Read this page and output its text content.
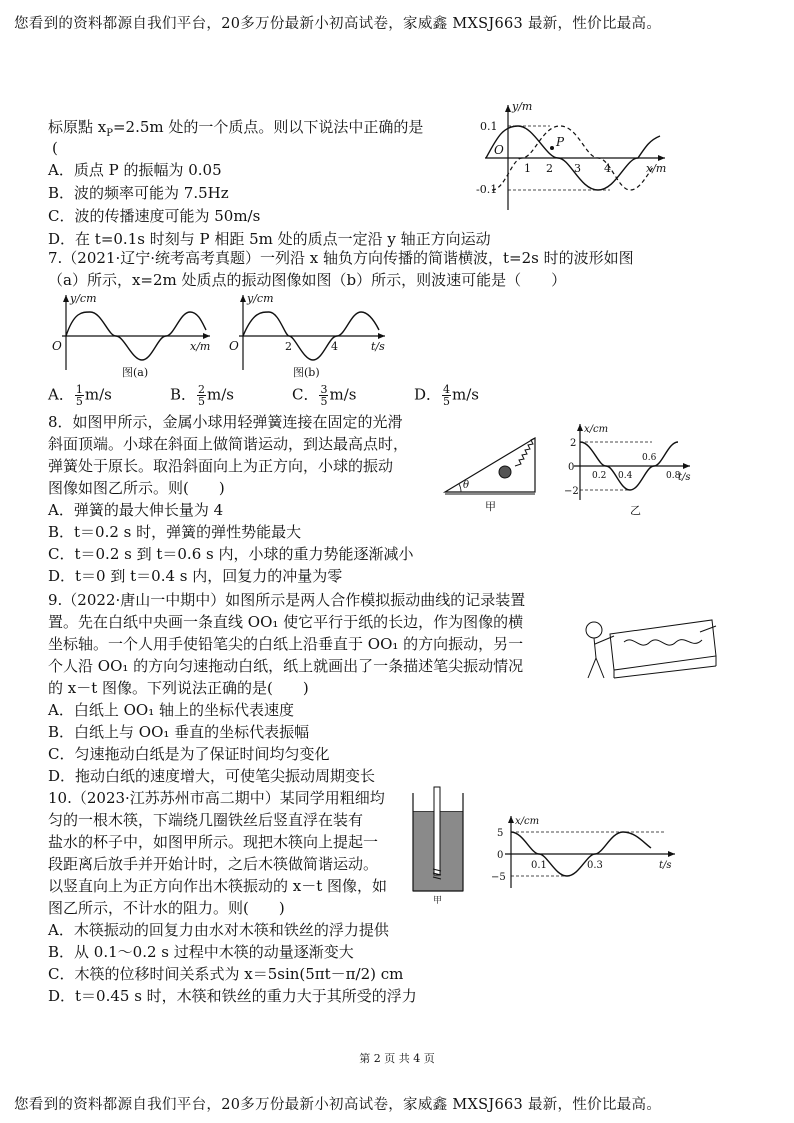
您看到的资料都源自我们平台，20多万份最新小初高试卷，家威鑫 MXSJ663 最新，性价比最高。
标原點 $x_P=2.5m$ 处的一个质点。则以下说法中正确的是
(
A．质点 P 的振幅为 0.05
B．波的频率可能为 7.5Hz
C．波的传播速度可能为 50m/s
D．在 t=0.1s 时刻与 P 相距 5m 处的质点一定沿 y 轴正方向运动
y/m
x/m
O
0.1
-0.1
1 2 3 4
P
7.（2021·辽宁·统考高考真题）一列沿 x 轴负方向传播的简谐横波，t=2s 时的波形如图
（a）所示，x=2m 处质点的振动图像如图（b）所示，则波速可能是（　　）
y/cm
x/m
O
图(a)
y/cm
t/s
O	2	4
图(b)
A． $\frac{1}{5} m/s$	B． $\frac{2}{5} m/s$	C． $\frac{3}{5} m/s$	D． $\frac{4}{5} m/s$
8．如图甲所示，金属小球用轻弹簧连接在固定的光滑
斜面顶端。小球在斜面上做简谐运动，到达最高点时，
弹簧处于原长。取沿斜面向上为正方向，小球的振动
图像如图乙所示。则(　　)
A．弹簧的最大伸长量为 4
B．t＝0.2 s 时，弹簧的弹性势能最大
C．t＝0.2 s 到 t＝0.6 s 内，小球的重力势能逐渐减小
D．t＝0 到 t＝0.4 s 内，回复力的冲量为零
θ
甲
x/cm
t/s
0
2
−2
0.2 0.4
0.6
0.8
乙
9.（2022·唐山一中期中）如图所示是两人合作模拟振动曲线的记录装置
置。先在白纸中央画一条直线 OO₁ 使它平行于纸的长边，作为图像的横
坐标轴。一个人用手使铅笔尖的白纸上沿垂直于 OO₁ 的方向振动，另一
个人沿 OO₁ 的方向匀速拖动白纸，纸上就画出了一条描述笔尖振动情况
的 x－t 图像。下列说法正确的是(　　)
A．白纸上 OO₁ 轴上的坐标代表速度
B．白纸上与 OO₁ 垂直的坐标代表振幅
C．匀速拖动白纸是为了保证时间均匀变化
D．拖动白纸的速度增大，可使笔尖振动周期变长
10.（2023·江苏苏州市高二期中）某同学用粗细均
匀的一根木筷，下端绕几圈铁丝后竖直浮在装有
盐水的杯子中，如图甲所示。现把木筷向上提起一
段距离后放手并开始计时，之后木筷做简谐运动。
以竖直向上为正方向作出木筷振动的 x－t 图像，如
图乙所示，不计水的阻力。则(　　)
A．木筷振动的回复力由水对木筷和铁丝的浮力提供
B．从 0.1～0.2 s 过程中木筷的动量逐渐变大
C．木筷的位移时间关系式为 x＝5sin(5πt－π/2) cm
D．t＝0.45 s 时，木筷和铁丝的重力大于其所受的浮力
甲
x/cm
t/s
0
5
−5
0.1	0.3
第 2 页 共 4 页
您看到的资料都源自我们平台，20多万份最新小初高试卷，家威鑫 MXSJ663 最新，性价比最高。
